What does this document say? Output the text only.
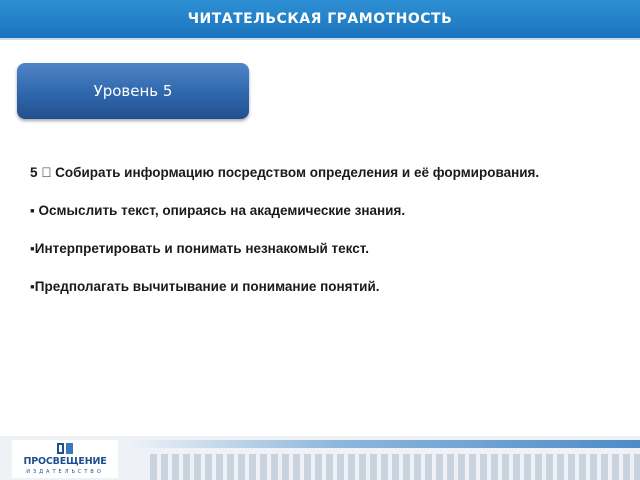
ЧИТАТЕЛЬСКАЯ ГРАМОТНОСТЬ
Уровень 5
5 Собирать информацию посредством определения и её формирования.
▪ Осмыслить текст, опираясь на академические знания.
▪Интерпретировать и понимать незнакомый текст.
▪Предполагать вычитывание и понимание понятий.
ПРОСВЕЩЕНИЕ
ИЗДАТЕЛЬСТВО
